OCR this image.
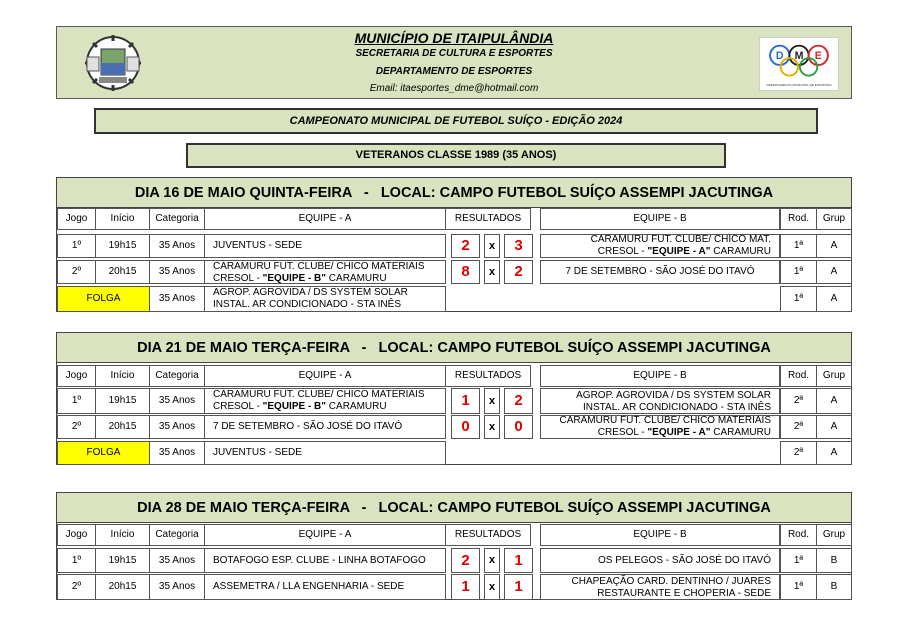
MUNICÍPIO DE ITAIPULÂNDIA
SECRETARIA DE CULTURA E ESPORTES
DEPARTAMENTO DE ESPORTES
Email: itaesportes_dme@hotmail.com
D M E
DEPARTAMENTO MUNICIPAL DE ESPORTES
CAMPEONATO MUNICIPAL DE FUTEBOL SUÍÇO - EDIÇÃO 2024
VETERANOS CLASSE 1989 (35 ANOS)
DIA 16 DE MAIO QUINTA-FEIRA   -   LOCAL: CAMPO FUTEBOL SUÍÇO ASSEMPI JACUTINGA
Jogo	Início	Categoria	EQUIPE - A	RESULTADOS	EQUIPE - B	Rod.	Grup
1º	19h15	35 Anos	JUVENTUS - SEDE	2	x	3	CARAMURU FUT. CLUBE/ CHICO MAT.
CRESOL - "EQUIPE - A" CARAMURU	1ª	A
2º	20h15	35 Anos	CARAMURU FUT. CLUBE/ CHICO MATERIAIS
CRESOL - "EQUIPE - B" CARAMURU	8	x	2	7 DE SETEMBRO - SÃO JOSÉ DO ITAVÓ	1ª	A
FOLGA	35 Anos
AGROP. AGROVIDA / DS SYSTEM SOLAR
INSTAL. AR CONDICIONADO - STA INÊS	1ª	A
DIA 21 DE MAIO TERÇA-FEIRA   -   LOCAL: CAMPO FUTEBOL SUÍÇO ASSEMPI JACUTINGA
Jogo	Início	Categoria	EQUIPE - A	RESULTADOS	EQUIPE - B	Rod.	Grup
1º	19h15	35 Anos
CARAMURU FUT. CLUBE/ CHICO MATERIAIS
CRESOL - "EQUIPE - B" CARAMURU	1	x	2	AGROP. AGROVIDA / DS SYSTEM SOLAR
INSTAL. AR CONDICIONADO - STA INÊS
2ª	A
2º	20h15	35 Anos	7 DE SETEMBRO - SÃO JOSÉ DO ITAVÓ	0	x	0	CARAMURU FUT. CLUBE/ CHICO MATERIAIS
CRESOL - "EQUIPE - A" CARAMURU	2ª	A
FOLGA	35 Anos	JUVENTUS - SEDE	2ª	A
DIA 28 DE MAIO TERÇA-FEIRA   -   LOCAL: CAMPO FUTEBOL SUÍÇO ASSEMPI JACUTINGA
Jogo	Início	Categoria	EQUIPE - A	RESULTADOS	EQUIPE - B	Rod.	Grup
1º	19h15	35 Anos	BOTAFOGO ESP. CLUBE - LINHA BOTAFOGO	2	x	1	OS PELEGOS - SÃO JOSÉ DO ITAVÓ	1ª	B
2º	20h15	35 Anos	ASSEMETRA / LLA ENGENHARIA - SEDE	1	x	1	CHAPEAÇÃO CARD. DENTINHO / JUARES
RESTAURANTE E CHOPERIA - SEDE
1ª	B
